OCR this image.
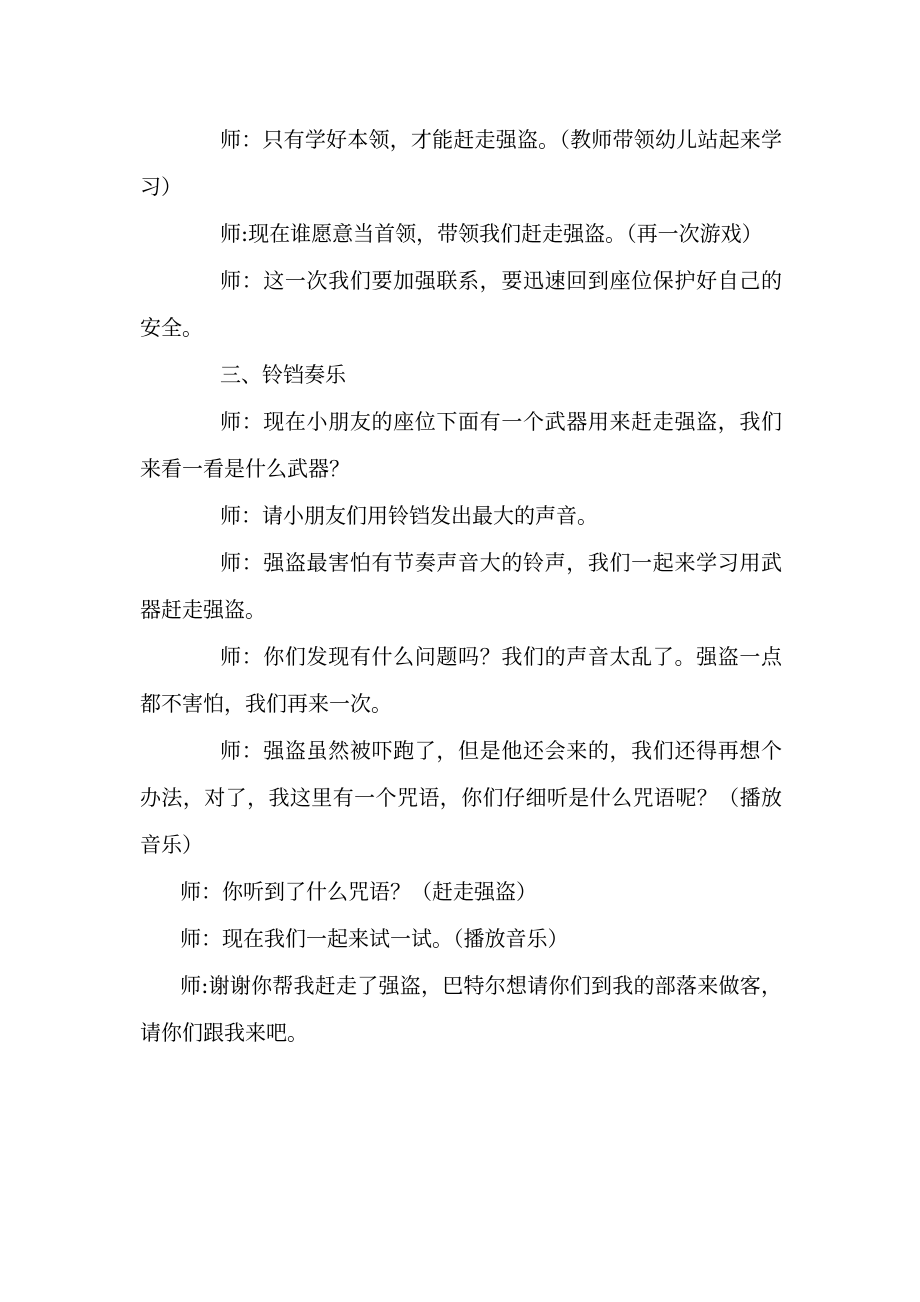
师：只有学好本领，才能赶走强盗。（教师带领幼儿站起来学习）

师:现在谁愿意当首领，带领我们赶走强盗。（再一次游戏）

师：这一次我们要加强联系，要迅速回到座位保护好自己的安全。

三、铃铛奏乐

师：现在小朋友的座位下面有一个武器用来赶走强盗，我们来看一看是什么武器？

师：请小朋友们用铃铛发出最大的声音。

师：强盗最害怕有节奏声音大的铃声，我们一起来学习用武器赶走强盗。

师：你们发现有什么问题吗？我们的声音太乱了。强盗一点都不害怕，我们再来一次。

师：强盗虽然被吓跑了，但是他还会来的，我们还得再想个办法，对了，我这里有一个咒语，你们仔细听是什么咒语呢？（播放音乐）

师：你听到了什么咒语？（赶走强盗）

师：现在我们一起来试一试。（播放音乐）

师:谢谢你帮我赶走了强盗，巴特尔想请你们到我的部落来做客，请你们跟我来吧。
